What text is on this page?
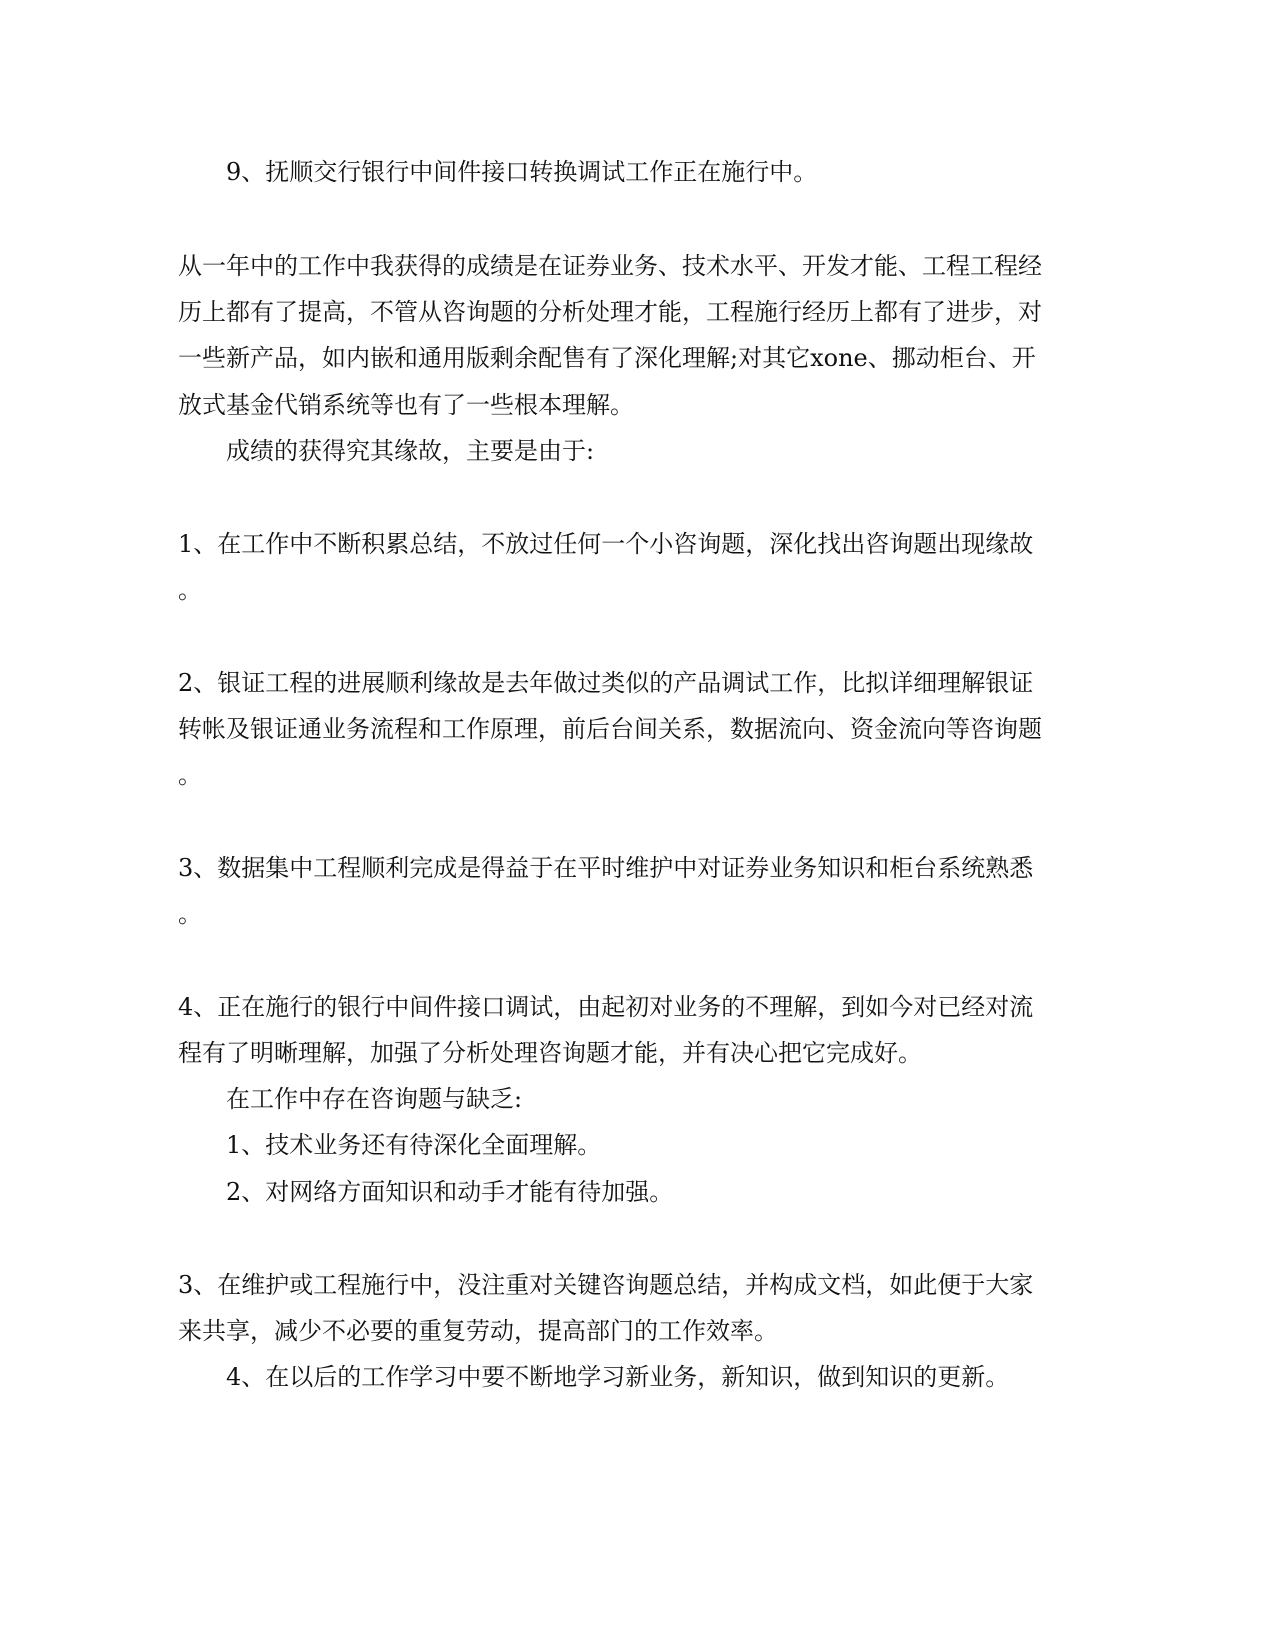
9、抚顺交行银行中间件接口转换调试工作正在施行中。
从一年中的工作中我获得的成绩是在证券业务、技术水平、开发才能、工程工程经
历上都有了提高，不管从咨询题的分析处理才能，工程施行经历上都有了进步，对
一些新产品，如内嵌和通用版剩余配售有了深化理解;对其它xone、挪动柜台、开
放式基金代销系统等也有了一些根本理解。
成绩的获得究其缘故，主要是由于:
1、在工作中不断积累总结，不放过任何一个小咨询题，深化找出咨询题出现缘故
。
2、银证工程的进展顺利缘故是去年做过类似的产品调试工作，比拟详细理解银证
转帐及银证通业务流程和工作原理，前后台间关系，数据流向、资金流向等咨询题
。
3、数据集中工程顺利完成是得益于在平时维护中对证券业务知识和柜台系统熟悉
。
4、正在施行的银行中间件接口调试，由起初对业务的不理解，到如今对已经对流
程有了明晰理解，加强了分析处理咨询题才能，并有决心把它完成好。
在工作中存在咨询题与缺乏:
1、技术业务还有待深化全面理解。
2、对网络方面知识和动手才能有待加强。
3、在维护或工程施行中，没注重对关键咨询题总结，并构成文档，如此便于大家
来共享，减少不必要的重复劳动，提高部门的工作效率。
4、在以后的工作学习中要不断地学习新业务，新知识，做到知识的更新。
